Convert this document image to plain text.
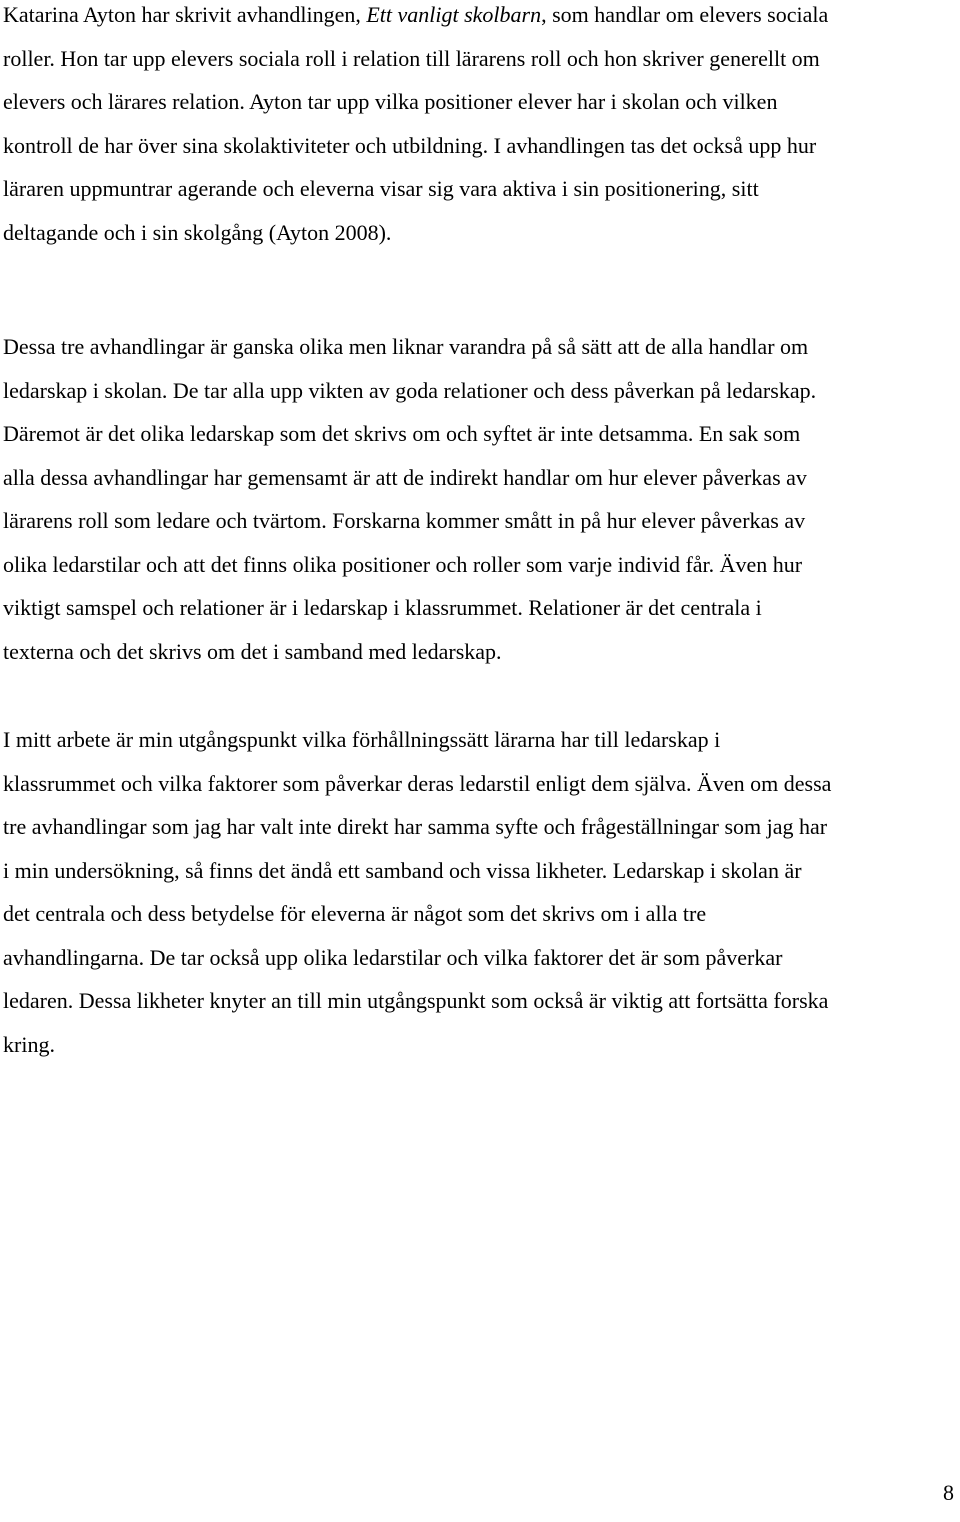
Katarina Ayton har skrivit avhandlingen, Ett vanligt skolbarn, som handlar om elevers sociala
roller. Hon tar upp elevers sociala roll i relation till lärarens roll och hon skriver generellt om
elevers och lärares relation. Ayton tar upp vilka positioner elever har i skolan och vilken
kontroll de har över sina skolaktiviteter och utbildning. I avhandlingen tas det också upp hur
läraren uppmuntrar agerande och eleverna visar sig vara aktiva i sin positionering, sitt
deltagande och i sin skolgång (Ayton 2008).

Dessa tre avhandlingar är ganska olika men liknar varandra på så sätt att de alla handlar om
ledarskap i skolan. De tar alla upp vikten av goda relationer och dess påverkan på ledarskap.
Däremot är det olika ledarskap som det skrivs om och syftet är inte detsamma. En sak som
alla dessa avhandlingar har gemensamt är att de indirekt handlar om hur elever påverkas av
lärarens roll som ledare och tvärtom. Forskarna kommer smått in på hur elever påverkas av
olika ledarstilar och att det finns olika positioner och roller som varje individ får. Även hur
viktigt samspel och relationer är i ledarskap i klassrummet. Relationer är det centrala i
texterna och det skrivs om det i samband med ledarskap.

I mitt arbete är min utgångspunkt vilka förhållningssätt lärarna har till ledarskap i
klassrummet och vilka faktorer som påverkar deras ledarstil enligt dem själva. Även om dessa
tre avhandlingar som jag har valt inte direkt har samma syfte och frågeställningar som jag har
i min undersökning, så finns det ändå ett samband och vissa likheter. Ledarskap i skolan är
det centrala och dess betydelse för eleverna är något som det skrivs om i alla tre
avhandlingarna. De tar också upp olika ledarstilar och vilka faktorer det är som påverkar
ledaren. Dessa likheter knyter an till min utgångspunkt som också är viktig att fortsätta forska
kring.

8
